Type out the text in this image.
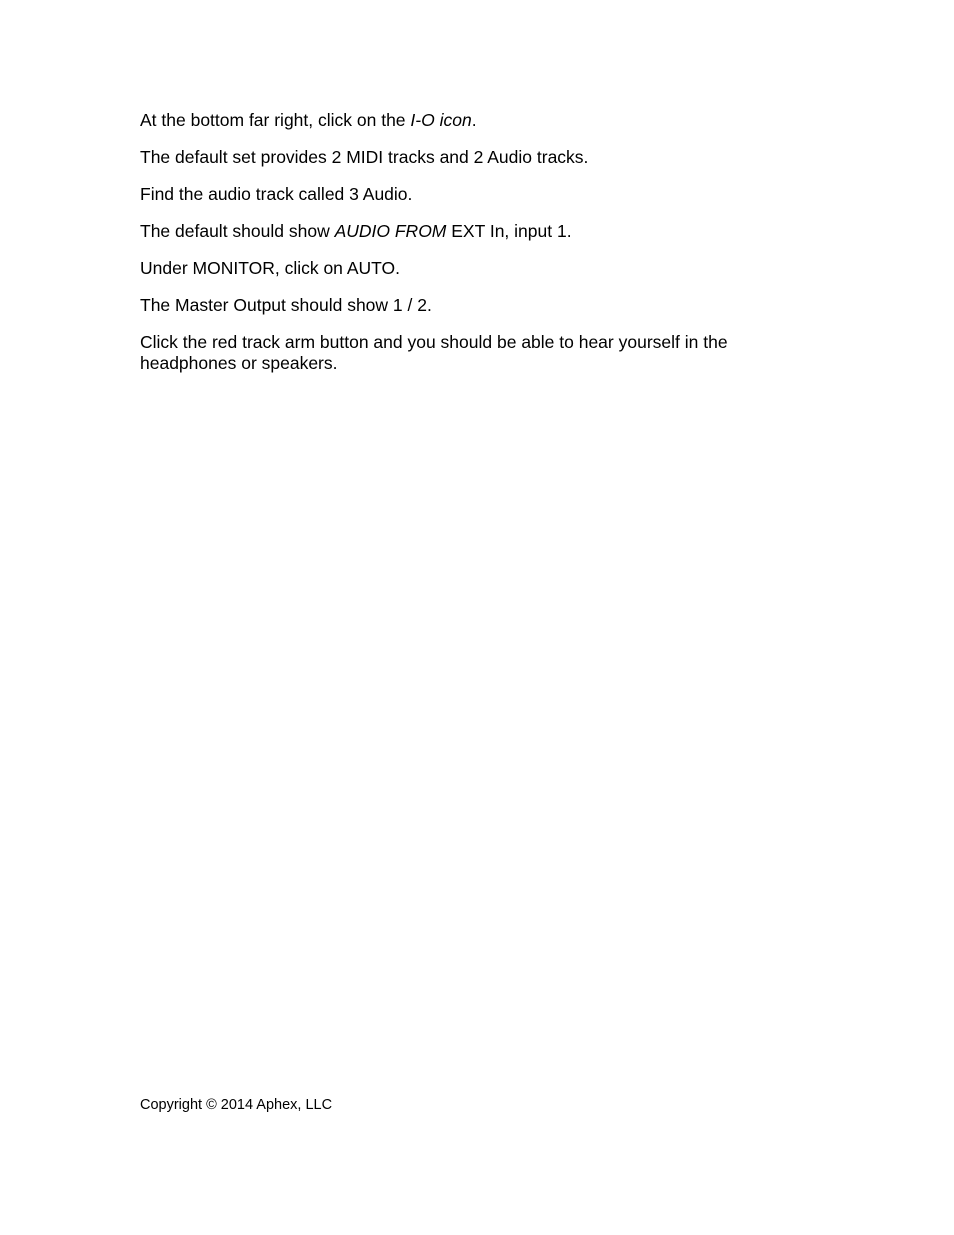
At the bottom far right, click on the I-O icon.

The default set provides 2 MIDI tracks and 2 Audio tracks.

Find the audio track called 3 Audio.

The default should show AUDIO FROM EXT In, input 1.

Under MONITOR, click on AUTO.

The Master Output should show 1 / 2.

Click the red track arm button and you should be able to hear yourself in the headphones or speakers.

Copyright © 2014 Aphex, LLC
